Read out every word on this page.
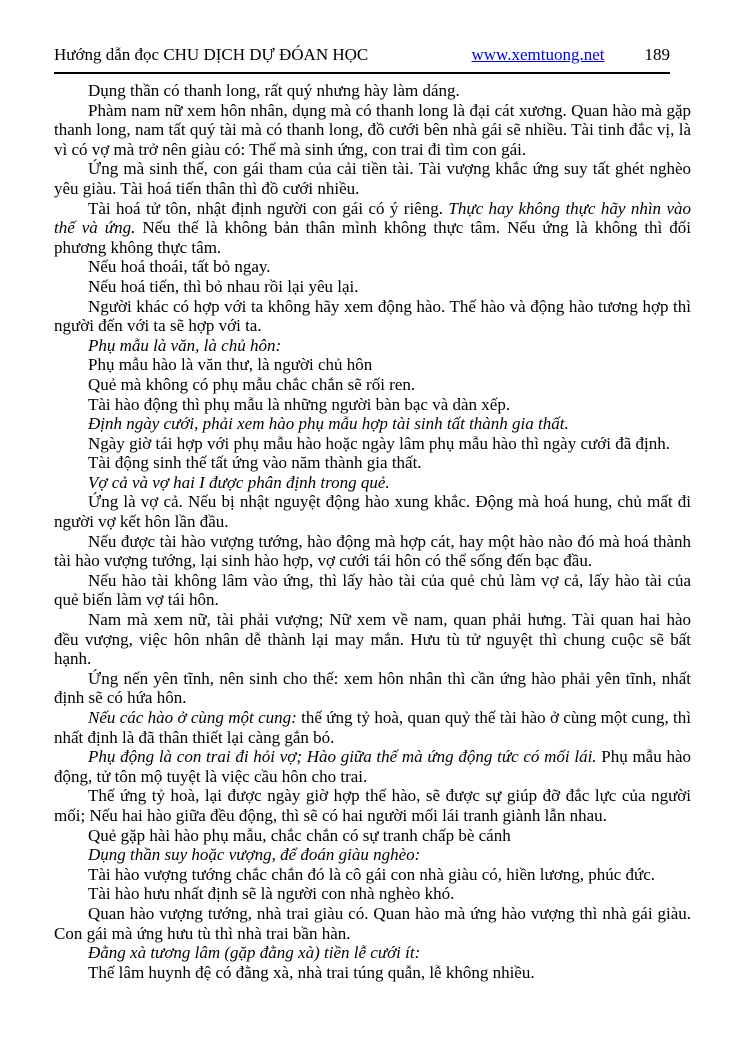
Hướng dẫn đọc CHU DỊCH DỰ ĐÓAN HỌC	www.xemtuong.net 189

Dụng thần có thanh long, rất quý nhưng hày làm dáng.

Phàm nam nữ xem hôn nhân, dụng mà có thanh long là đại cát xương. Quan hào mà gặp thanh long, nam tất quý tài mà có thanh long, đồ cưới bên nhà gái sẽ nhiều. Tài tinh đắc vị, là vì có vợ mà trở nên giàu có: Thế mà sinh ứng, con trai đi tìm con gái.

Ứng mà sinh thế, con gái tham của cải tiền tài. Tài vượng khắc ứng suy tất ghét nghèo yêu giàu. Tài hoá tiến thân thì đồ cưới nhiều.

Tài hoá tử tôn, nhật định người con gái có ý riêng. Thực hay không thực hãy nhìn vào thế và ứng. Nếu thế là không bản thân mình không thực tâm. Nếu ứng là không thì đối phương không thực tâm.

Nếu hoá thoái, tất bỏ ngay.

Nếu hoá tiến, thì bỏ nhau rồi lại yêu lại.

Người khác có hợp với ta không hãy xem động hào. Thế hào và động hào tương hợp thì người đến với ta sẽ hợp với ta.

Phụ mẫu là văn, là chủ hôn:

Phụ mẫu hào là văn thư, là người chủ hôn

Quẻ mà không có phụ mẫu chắc chắn sẽ rối ren.

Tài hào động thì phụ mẫu là những người bàn bạc và dàn xếp.

Định ngày cưới, phải xem hào phụ mẫu hợp tài sinh tất thành gia thất.

Ngày giờ tái hợp với phụ mẫu hào hoặc ngày lâm phụ mẫu hào thì ngày cưới đã định.

Tài động sinh thế tất ứng vào năm thành gia thất.

Vợ cả và vợ hai I được phân định trong quẻ.

Ứng là vợ cả. Nếu bị nhật nguyệt động hào xung khắc. Động mà hoá hung, chủ mất đi người vợ kết hôn lần đầu.

Nếu được tài hào vượng tướng, hào động mà hợp cát, hay một hào nào đó mà hoá thành tài hào vượng tướng, lại sinh hào hợp, vợ cưới tái hôn có thể sống đến bạc đầu.

Nếu hào tài không lâm vào ứng, thì lấy hào tài của quẻ chủ làm vợ cả, lấy hào tài của quẻ biến làm vợ tái hôn.

Nam mà xem nữ, tài phải vượng; Nữ xem về nam, quan phải hưng. Tài quan hai hào đều vượng, việc hôn nhân dễ thành lại may mắn. Hưu tù tử nguyệt thì chung cuộc sẽ bất hạnh.

Ứng nến yên tĩnh, nên sinh cho thế: xem hôn nhân thì cần ứng hào phải yên tĩnh, nhất định sẽ có hứa hôn.

Nếu các hào ở cùng một cung: thế ứng tỷ hoà, quan quỷ thế tài hào ở cùng một cung, thì nhất định là đã thân thiết lại càng gắn bó.

Phụ động là con trai đi hỏi vợ; Hào giữa thế mà ứng động tức có mối lái. Phụ mẫu hào động, tử tôn mộ tuyệt là việc cầu hôn cho trai.

Thế ứng tỷ hoà, lại được ngày giờ hợp thế hào, sẽ được sự giúp đỡ đắc lực của người mối; Nếu hai hào giữa đều động, thì sẽ có hai người mối lái tranh giành lẫn nhau.

Quẻ gặp hài hào phụ mẫu, chắc chắn có sự tranh chấp bè cánh

Dụng thần suy hoặc vượng, để đoán giàu nghèo:

Tài hào vượng tướng chắc chắn đó là cô gái con nhà giàu có, hiền lương, phúc đức.

Tài hào hưu nhất định sẽ là người con nhà nghèo khó.

Quan hào vượng tướng, nhà trai giàu có. Quan hào mà ứng hào vượng thì nhà gái giàu. Con gái mà ứng hưu tù thì nhà trai bần hàn.

Đằng xà tương lâm (gặp đằng xà) tiền lễ cưới ít:

Thế lâm huynh đệ có đằng xà, nhà trai túng quẫn, lễ không nhiều.
